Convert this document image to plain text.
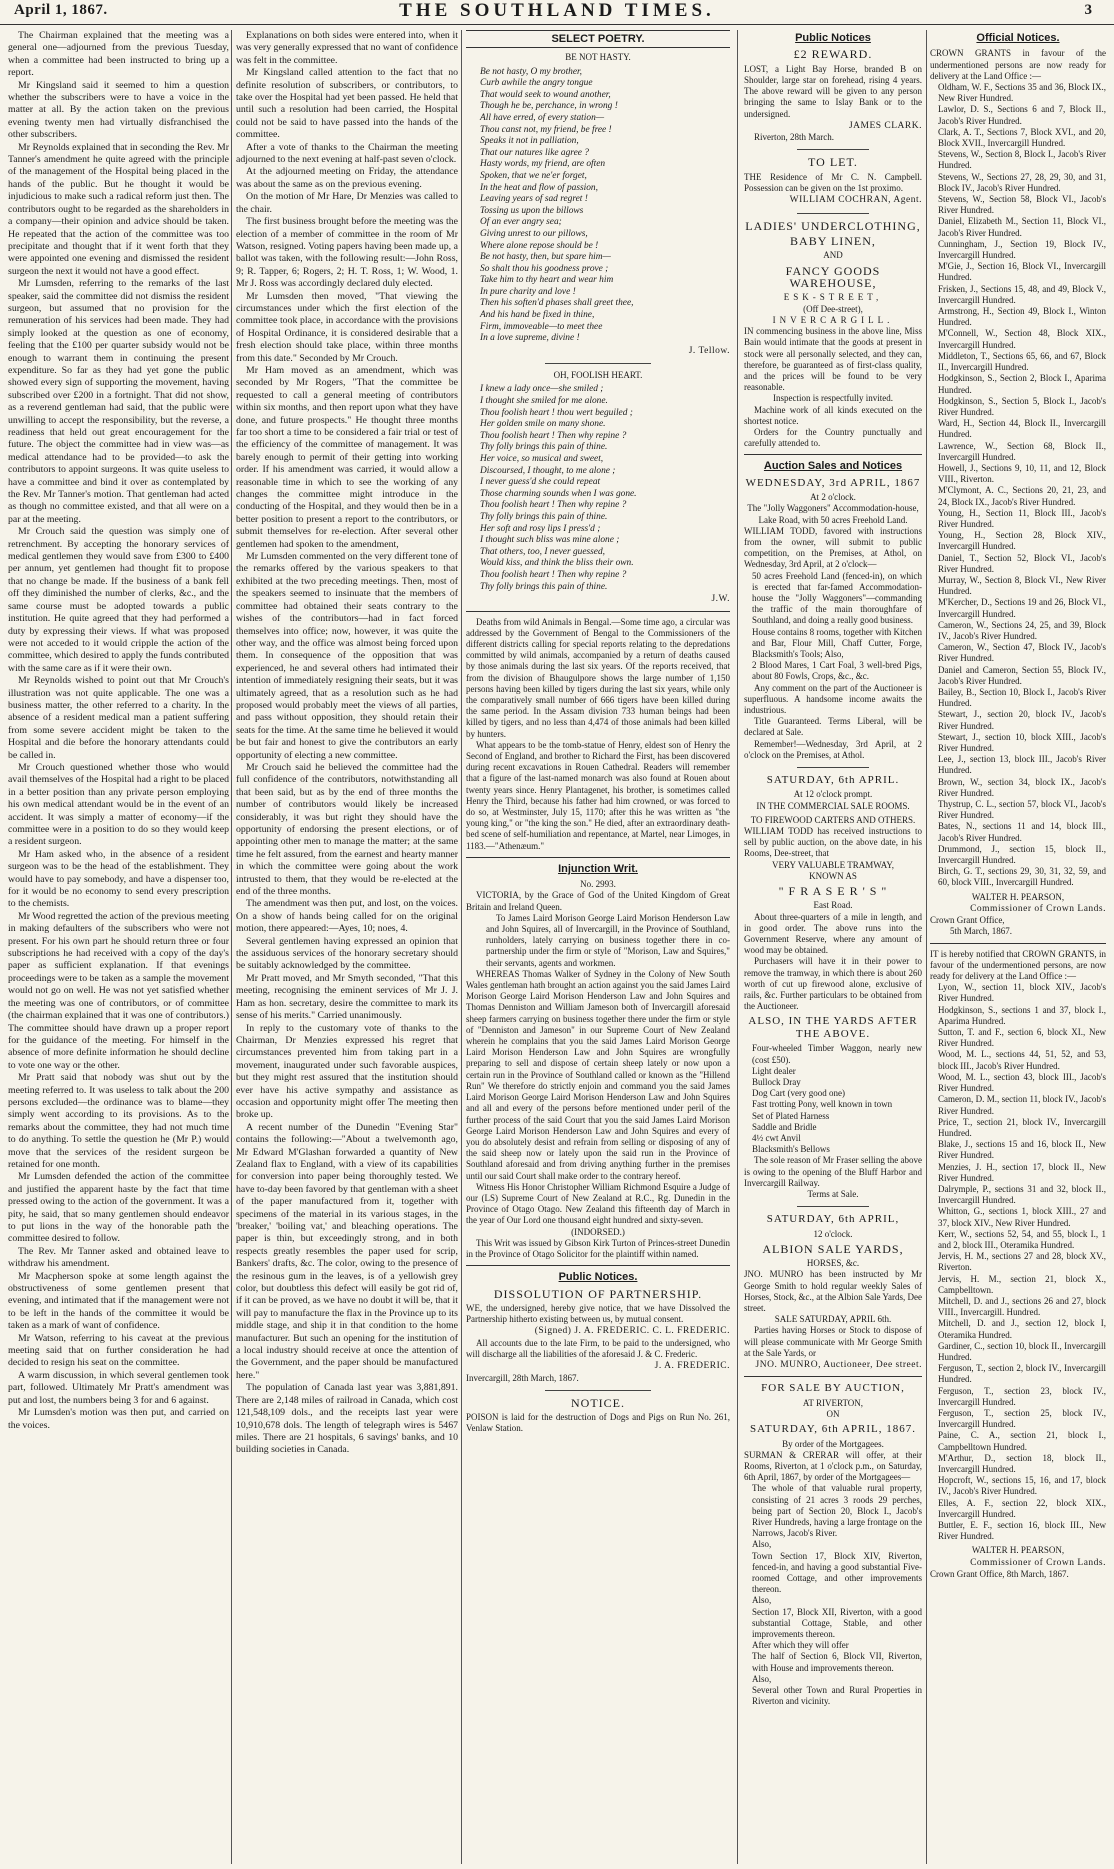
April 1, 1867.	THE SOUTHLAND TIMES.	3

The Chairman explained that the meeting was a general one—adjourned from the previous Tuesday, when a committee had been instructed to bring up a report.

Mr Kingsland said it seemed to him a question whether the subscribers were to have a voice in the matter at all. By the action taken on the previous evening twenty men had virtually disfranchised the other subscribers.

Mr Reynolds explained that in seconding the Rev. Mr Tanner's amendment he quite agreed with the principle of the management of the Hospital being placed in the hands of the public. But he thought it would be injudicious to make such a radical reform just then. The contributors ought to be regarded as the shareholders in a company—their opinion and advice should be taken. He repeated that the action of the committee was too precipitate and thought that if it went forth that they were appointed one evening and dismissed the resident surgeon the next it would not have a good effect.

Mr Lumsden, referring to the remarks of the last speaker, said the committee did not dismiss the resident surgeon, but assumed that no provision for the remuneration of his services had been made. They had simply looked at the question as one of economy, feeling that the £100 per quarter subsidy would not be enough to warrant them in continuing the present expenditure. So far as they had yet gone the public showed every sign of supporting the movement, having subscribed over £200 in a fortnight. That did not show, as a reverend gentleman had said, that the public were unwilling to accept the responsibility, but the reverse, a readiness that held out great encouragement for the future. The object the committee had in view was—as medical attendance had to be provided—to ask the contributors to appoint surgeons. It was quite useless to have a committee and bind it over as contemplated by the Rev. Mr Tanner's motion. That gentleman had acted as though no committee existed, and that all were on a par at the meeting.

Mr Crouch said the question was simply one of retrenchment. By accepting the honorary services of medical gentlemen they would save from £300 to £400 per annum, yet gentlemen had thought fit to propose that no change be made. If the business of a bank fell off they diminished the number of clerks, &c., and the same course must be adopted towards a public institution. He quite agreed that they had performed a duty by expressing their views. If what was proposed were not acceded to it would cripple the action of the committee, which desired to apply the funds contributed with the same care as if it were their own.

Mr Reynolds wished to point out that Mr Crouch's illustration was not quite applicable. The one was a business matter, the other referred to a charity. In the absence of a resident medical man a patient suffering from some severe accident might be taken to the Hospital and die before the honorary attendants could be called in.

Mr Crouch questioned whether those who would avail themselves of the Hospital had a right to be placed in a better position than any private person employing his own medical attendant would be in the event of an accident. It was simply a matter of economy—if the committee were in a position to do so they would keep a resident surgeon.

Mr Ham asked who, in the absence of a resident surgeon was to be the head of the establishment. They would have to pay somebody, and have a dispenser too, for it would be no economy to send every prescription to the chemists.

Mr Wood regretted the action of the previous meeting in making defaulters of the subscribers who were not present. For his own part he should return three or four subscriptions he had received with a copy of the day's paper as sufficient explanation. If that evenings proceedings were to be taken as a sample the movement would not go on well. He was not yet satisfied whether the meeting was one of contributors, or of committee (the chairman explained that it was one of contributors.) The committee should have drawn up a proper report for the guidance of the meeting. For himself in the absence of more definite information he should decline to vote one way or the other.

Mr Pratt said that nobody was shut out by the meeting referred to. It was useless to talk about the 200 persons excluded—the ordinance was to blame—they simply went according to its provisions. As to the remarks about the committee, they had not much time to do anything. To settle the question he (Mr P.) would move that the services of the resident surgeon be retained for one month.

Mr Lumsden defended the action of the committee and justified the apparent haste by the fact that time pressed owing to the action of the government. It was a pity, he said, that so many gentlemen should endeavor to put lions in the way of the honorable path the committee desired to follow.

The Rev. Mr Tanner asked and obtained leave to withdraw his amendment.

Mr Macpherson spoke at some length against the obstructiveness of some gentlemen present that evening, and intimated that if the management were not to be left in the hands of the committee it would be taken as a mark of want of confidence.

Mr Watson, referring to his caveat at the previous meeting said that on further consideration he had decided to resign his seat on the committee.

A warm discussion, in which several gentlemen took part, followed. Ultimately Mr Pratt's amendment was put and lost, the numbers being 3 for and 6 against.

Mr Lumsden's motion was then put, and carried on the voices.

Explanations on both sides were entered into, when it was very generally expressed that no want of confidence was felt in the committee.

Mr Kingsland called attention to the fact that no definite resolution of subscribers, or contributors, to take over the Hospital had yet been passed. He held that until such a resolution had been carried, the Hospital could not be said to have passed into the hands of the committee.

After a vote of thanks to the Chairman the meeting adjourned to the next evening at half-past seven o'clock.

At the adjourned meeting on Friday, the attendance was about the same as on the previous evening.

On the motion of Mr Hare, Dr Menzies was called to the chair.

The first business brought before the meeting was the election of a member of committee in the room of Mr Watson, resigned. Voting papers having been made up, a ballot was taken, with the following result:—John Ross, 9; R. Tapper, 6; Rogers, 2; H. T. Ross, 1; W. Wood, 1. Mr J. Ross was accordingly declared duly elected.

Mr Lumsden then moved, "That viewing the circumstances under which the first election of the committee took place, in accordance with the provisions of Hospital Ordinance, it is considered desirable that a fresh election should take place, within three months from this date." Seconded by Mr Crouch.

Mr Ham moved as an amendment, which was seconded by Mr Rogers, "That the committee be requested to call a general meeting of contributors within six months, and then report upon what they have done, and future prospects." He thought three months far too short a time to be considered a fair trial or test of the efficiency of the committee of management. It was barely enough to permit of their getting into working order. If his amendment was carried, it would allow a reasonable time in which to see the working of any changes the committee might introduce in the conducting of the Hospital, and they would then be in a better position to present a report to the contributors, or submit themselves for re-election. After several other gentlemen had spoken to the amendment,

Mr Lumsden commented on the very different tone of the remarks offered by the various speakers to that exhibited at the two preceding meetings. Then, most of the speakers seemed to insinuate that the members of committee had obtained their seats contrary to the wishes of the contributors—had in fact forced themselves into office; now, however, it was quite the other way, and the office was almost being forced upon them. In consequence of the opposition that was experienced, he and several others had intimated their intention of immediately resigning their seats, but it was ultimately agreed, that as a resolution such as he had proposed would probably meet the views of all parties, and pass without opposition, they should retain their seats for the time. At the same time he believed it would be but fair and honest to give the contributors an early opportunity of electing a new committee.

Mr Crouch said he believed the committee had the full confidence of the contributors, notwithstanding all that been said, but as by the end of three months the number of contributors would likely be increased considerably, it was but right they should have the opportunity of endorsing the present elections, or of appointing other men to manage the matter; at the same time he felt assured, from the earnest and hearty manner in which the committee were going about the work intrusted to them, that they would be re-elected at the end of the three months.

The amendment was then put, and lost, on the voices. On a show of hands being called for on the original motion, there appeared:—Ayes, 10; noes, 4.

Several gentlemen having expressed an opinion that the assiduous services of the honorary secretary should be suitably acknowledged by the committee.

Mr Pratt moved, and Mr Smyth seconded, "That this meeting, recognising the eminent services of Mr J. J. Ham as hon. secretary, desire the committee to mark its sense of his merits." Carried unanimously.

In reply to the customary vote of thanks to the Chairman, Dr Menzies expressed his regret that circumstances prevented him from taking part in a movement, inaugurated under such favorable auspices, but they might rest assured that the institution should ever have his active sympathy and assistance as occasion and opportunity might offer The meeting then broke up.

A recent number of the Dunedin "Evening Star" contains the following:—"About a twelvemonth ago, Mr Edward M'Glashan forwarded a quantity of New Zealand flax to England, with a view of its capabilities for conversion into paper being thoroughly tested. We have to-day been favored by that gentleman with a sheet of the paper manufactured from it, together with specimens of the material in its various stages, in the 'breaker,' 'boiling vat,' and bleaching operations. The paper is thin, but exceedingly strong, and in both respects greatly resembles the paper used for scrip, Bankers' drafts, &c. The color, owing to the presence of the resinous gum in the leaves, is of a yellowish grey color, but doubtless this defect will easily be got rid of, if it can be proved, as we have no doubt it will be, that it will pay to manufacture the flax in the Province up to its middle stage, and ship it in that condition to the home manufacturer. But such an opening for the institution of a local industry should receive at once the attention of the Government, and the paper should be manufactured here."

The population of Canada last year was 3,881,891. There are 2,148 miles of railroad in Canada, which cost 121,548,109 dols., and the receipts last year were 10,910,678 dols. The length of telegraph wires is 5467 miles. There are 21 hospitals, 6 savings' banks, and 10 building societies in Canada.

SELECT POETRY.
BE NOT HASTY.

Be not hasty, O my brother,

Curb awhile the angry tongue

That would seek to wound another,

Though he be, perchance, in wrong !

All have erred, of every station—

Thou canst not, my friend, be free !

Speaks it not in palliation,

That our natures like agree ?

Hasty words, my friend, are often

Spoken, that we ne'er forget,

In the heat and flow of passion,

Leaving years of sad regret !

Tossing us upon the billows

Of an ever angry sea;

Giving unrest to our pillows,

Where alone repose should be !

Be not hasty, then, but spare him—

So shalt thou his goodness prove ;

Take him to thy heart and wear him

In pure charity and love !

Then his soften'd phases shall greet thee,

And his hand be fixed in thine,

Firm, immoveable—to meet thee

In a love supreme, divine !

J. Tellow.
OH, FOOLISH HEART.

I knew a lady once—she smiled ;

I thought she smiled for me alone.

Thou foolish heart ! thou wert beguiled ;

Her golden smile on many shone.

Thou foolish heart ! Then why repine ?

Thy folly brings this pain of thine.

Her voice, so musical and sweet,

Discoursed, I thought, to me alone ;

I never guess'd she could repeat

Those charming sounds when I was gone.

Thou foolish heart ! Then why repine ?

Thy folly brings this pain of thine.

Her soft and rosy lips I press'd ;

I thought such bliss was mine alone ;

That others, too, I never guessed,

Would kiss, and think the bliss their own.

Thou foolish heart ! Then why repine ?

Thy folly brings this pain of thine.

J.W.

Deaths from wild Animals in Bengal.—Some time ago, a circular was addressed by the Government of Bengal to the Commissioners of the different districts calling for special reports relating to the depredations committed by wild animals, accompanied by a return of deaths caused by those animals during the last six years. Of the reports received, that from the division of Bhaugulpore shows the large number of 1,150 persons having been killed by tigers during the last six years, while only the comparatively small number of 666 tigers have been killed during the same period. In the Assam division 733 human beings had been killed by tigers, and no less than 4,474 of those animals had been killed by hunters.

What appears to be the tomb-statue of Henry, eldest son of Henry the Second of England, and brother to Richard the First, has been discovered during recent excavations in Rouen Cathedral. Readers will remember that a figure of the last-named monarch was also found at Rouen about twenty years since. Henry Plantagenet, his brother, is sometimes called Henry the Third, because his father had him crowned, or was forced to do so, at Westminster, July 15, 1170; after this he was written as "the young king," or "the king the son." He died, after an extraordinary death-bed scene of self-humiliation and repentance, at Martel, near Limoges, in 1183.—"Athenæum."

Injunction Writ.
No. 2993.

VICTORIA, by the Grace of God of the United Kingdom of Great Britain and Ireland Queen.

To James Laird Morison George Laird Morison Henderson Law and John Squires, all of Invercargill, in the Province of Southland, runholders, lately carrying on business together there in co-partnership under the firm or style of "Morison, Law and Squires," their servants, agents and workmen.

WHEREAS Thomas Walker of Sydney in the Colony of New South Wales gentleman hath brought an action against you the said James Laird Morison George Laird Morison Henderson Law and John Squires and Thomas Denniston and William Jameson both of Invercargill aforesaid sheep farmers carrying on business together there under the firm or style of "Denniston and Jameson" in our Supreme Court of New Zealand wherein he complains that you the said James Laird Morison George Laird Morison Henderson Law and John Squires are wrongfully preparing to sell and dispose of certain sheep lately or now upon a certain run in the Province of Southland called or known as the "Hillend Run" We therefore do strictly enjoin and command you the said James Laird Morison George Laird Morison Henderson Law and John Squires and all and every of the persons before mentioned under peril of the further process of the said Court that you the said James Laird Morison George Laird Morison Henderson Law and John Squires and every of you do absolutely desist and refrain from selling or disposing of any of the said sheep now or lately upon the said run in the Province of Southland aforesaid and from driving anything further in the premises until our said Court shall make order to the contrary hereof.

Witness His Honor Christopher William Richmond Esquire a Judge of our (LS) Supreme Court of New Zealand at R.C., Rg. Dunedin in the Province of Otago Otago. New Zealand this fifteenth day of March in the year of Our Lord one thousand eight hundred and sixty-seven.

(INDORSED.)

This Writ was issued by Gibson Kirk Turton of Princes-street Dunedin in the Province of Otago Solicitor for the plaintiff within named.

Public Notices.
DISSOLUTION OF PARTNERSHIP.

WE, the undersigned, hereby give notice, that we have Dissolved the Partnership hitherto existing between us, by mutual consent.

(Signed) J. A. FREDERIC. C. L. FREDERIC.

All accounts due to the late Firm, to be paid to the undersigned, who will discharge all the liabilities of the aforesaid J. & C. Frederic.

J. A. FREDERIC.

Invercargill, 28th March, 1867.

NOTICE.

POISON is laid for the destruction of Dogs and Pigs on Run No. 261, Venlaw Station.

Public Notices
£2 REWARD.

LOST, a Light Bay Horse, branded B on Shoulder, large star on forehead, rising 4 years. The above reward will be given to any person bringing the same to Islay Bank or to the undersigned.

JAMES CLARK.

Riverton, 28th March.

TO LET.

THE Residence of Mr C. N. Campbell. Possession can be given on the 1st proximo.

WILLIAM COCHRAN, Agent.
LADIES' UNDERCLOTHING,
BABY LINEN,
AND
FANCY GOODS WAREHOUSE,
ESK-STREET,
(Off Dee-street),
INVERCARGILL.

IN commencing business in the above line, Miss Bain would intimate that the goods at present in stock were all personally selected, and they can, therefore, be guaranteed as of first-class quality, and the prices will be found to be very reasonable.

Inspection is respectfully invited.

Machine work of all kinds executed on the shortest notice.

Orders for the Country punctually and carefully attended to.

Auction Sales and Notices
WEDNESDAY, 3rd APRIL, 1867
At 2 o'clock.
The "Jolly Waggoners" Accommodation-house, Lake Road, with 50 acres Freehold Land.

WILLIAM TODD, favored with instructions from the owner, will submit to public competition, on the Premises, at Athol, on Wednesday, 3rd April, at 2 o'clock—

50 acres Freehold Land (fenced-in), on which is erected that far-famed Accommodation-house the "Jolly Waggoners"—commanding the traffic of the main thoroughfare of Southland, and doing a really good business.

House contains 8 rooms, together with Kitchen and Bar, Flour Mill, Chaff Cutter, Forge, Blacksmith's Tools; Also,

2 Blood Mares, 1 Cart Foal, 3 well-bred Pigs, about 80 Fowls, Crops, &c., &c.

Any comment on the part of the Auctioneer is superfluous. A handsome income awaits the industrious.

Title Guaranteed. Terms Liberal, will be declared at Sale.

Remember!—Wednesday, 3rd April, at 2 o'clock on the Premises, at Athol.

SATURDAY, 6th APRIL.
At 12 o'clock prompt.
IN THE COMMERCIAL SALE ROOMS.
TO FIREWOOD CARTERS AND OTHERS.

WILLIAM TODD has received instructions to sell by public auction, on the above date, in his Rooms, Dee-street, that

VERY VALUABLE TRAMWAY,
KNOWN AS
" F R A S E R ' S "
East Road.

About three-quarters of a mile in length, and in good order. The above runs into the Government Reserve, where any amount of wood may be obtained.

Purchasers will have it in their power to remove the tramway, in which there is about 260 worth of cut up firewood alone, exclusive of rails, &c. Further particulars to be obtained from the Auctioneer.

ALSO, IN THE YARDS AFTER THE ABOVE.

Four-wheeled Timber Waggon, nearly new (cost £50).

Light dealer

Bullock Dray

Dog Cart (very good one)

Fast trotting Pony, well known in town

Set of Plated Harness

Saddle and Bridle

4½ cwt Anvil

Blacksmith's Bellows

The sole reason of Mr Fraser selling the above is owing to the opening of the Bluff Harbor and Invercargill Railway.

Terms at Sale.
SATURDAY, 6th APRIL,
12 o'clock.
ALBION SALE YARDS,
HORSES, &c.

JNO. MUNRO has been instructed by Mr George Smith to hold regular weekly Sales of Horses, Stock, &c., at the Albion Sale Yards, Dee street.

SALE SATURDAY, APRIL 6th.

Parties having Horses or Stock to dispose of will please communicate with Mr George Smith at the Sale Yards, or

JNO. MUNRO, Auctioneer, Dee street.
FOR SALE BY AUCTION,
AT RIVERTON,
ON
SATURDAY, 6th APRIL, 1867.
By order of the Mortgagees.

SURMAN & CRERAR will offer, at their Rooms, Riverton, at 1 o'clock p.m., on Saturday, 6th April, 1867, by order of the Mortgagees—

The whole of that valuable rural property, consisting of 21 acres 3 roods 29 perches, being part of Section 20, Block I., Jacob's River Hundreds, having a large frontage on the Narrows, Jacob's River.

Also,

Town Section 17, Block XIV, Riverton, fenced-in, and having a good substantial Five-roomed Cottage, and other improvements thereon.

Also,

Section 17, Block XII, Riverton, with a good substantial Cottage, Stable, and other improvements thereon.

After which they will offer

The half of Section 6, Block VII, Riverton, with House and improvements thereon.

Also,

Several other Town and Rural Properties in Riverton and vicinity.

Official Notices.

CROWN GRANTS in favour of the undermentioned persons are now ready for delivery at the Land Office :—

Oldham, W. F., Sections 35 and 36, Block IX., New River Hundred.

Lawlor, D. S., Sections 6 and 7, Block II., Jacob's River Hundred.

Clark, A. T., Sections 7, Block XVI., and 20, Block XVII., Invercargill Hundred.

Stevens, W., Section 8, Block I., Jacob's River Hundred.

Stevens, W., Sections 27, 28, 29, 30, and 31, Block IV., Jacob's River Hundred.

Stevens, W., Section 58, Block VI., Jacob's River Hundred.

Daniel, Elizabeth M., Section 11, Block VI., Jacob's River Hundred.

Cunningham, J., Section 19, Block IV., Invercargill Hundred.

M'Gie, J., Section 16, Block VI., Invercargill Hundred.

Frisken, J., Sections 15, 48, and 49, Block V., Invercargill Hundred.

Armstrong, H., Section 49, Block I., Winton Hundred.

M'Connell, W., Section 48, Block XIX., Invercargill Hundred.

Middleton, T., Sections 65, 66, and 67, Block II., Invercargill Hundred.

Hodgkinson, S., Section 2, Block I., Aparima Hundred.

Hodgkinson, S., Section 5, Block I., Jacob's River Hundred.

Ward, H., Section 44, Block II., Invercargill Hundred.

Lawrence, W., Section 68, Block II., Invercargill Hundred.

Howell, J., Sections 9, 10, 11, and 12, Block VIII., Riverton.

M'Clymont, A. C., Sections 20, 21, 23, and 24, Block IX., Jacob's River Hundred.

Young, H., Section 11, Block III., Jacob's River Hundred.

Young, H., Section 28, Block XIV., Invercargill Hundred.

Daniel, T., Section 52, Block VI., Jacob's River Hundred.

Murray, W., Section 8, Block VI., New River Hundred.

M'Kercher, D., Sections 19 and 26, Block VI., Invercargill Hundred.

Cameron, W., Sections 24, 25, and 39, Block IV., Jacob's River Hundred.

Cameron, W., Section 47, Block IV., Jacob's River Hundred.

Daniel and Cameron, Section 55, Block IV., Jacob's River Hundred.

Bailey, B., Section 10, Block I., Jacob's River Hundred.

Stewart, J., section 20, block IV., Jacob's River Hundred.

Stewart, J., section 10, block XIII., Jacob's River Hundred.

Lee, J., section 13, block III., Jacob's River Hundred.

Brown, W., section 34, block IX., Jacob's River Hundred.

Thystrup, C. L., section 57, block VI., Jacob's River Hundred.

Bates, N., sections 11 and 14, block III., Jacob's River Hundred.

Drummond, J., section 15, block II., Invercargill Hundred.

Birch, G. T., sections 29, 30, 31, 32, 59, and 60, block VIII., Invercargill Hundred.

WALTER H. PEARSON,
Commissioner of Crown Lands.
Crown Grant Office,
5th March, 1867.

IT is hereby notified that CROWN GRANTS, in favour of the undermentioned persons, are now ready for delivery at the Land Office :—

Lyon, W., section 11, block XIV., Jacob's River Hundred.

Hodgkinson, S., sections 1 and 37, block I., Aparima Hundred.

Sutton, T. and F., section 6, block XI., New River Hundred.

Wood, M. L., sections 44, 51, 52, and 53, block III., Jacob's River Hundred.

Wood, M. L., section 43, block III., Jacob's River Hundred.

Cameron, D. M., section 11, block IV., Jacob's River Hundred.

Price, T., section 21, block IV., Invercargill Hundred.

Blake, J., sections 15 and 16, block II., New River Hundred.

Menzies, J. H., section 17, block II., New River Hundred.

Dalrymple, P., sections 31 and 32, block II., Invercargill Hundred.

Whitton, G., sections 1, block XIII., 27 and 37, block XIV., New River Hundred.

Kerr, W., sections 52, 54, and 55, block I., 1 and 2, block III., Oteramika Hundred.

Jervis, H. M., sections 27 and 28, block XV., Riverton.

Jervis, H. M., section 21, block X., Campbelltown.

Mitchell, D. and J., sections 26 and 27, block VIII., Invercargill. Hundred.

Mitchell, D. and J., section 12, block I, Oteramika Hundred.

Gardiner, C., section 10, block II., Invercargill Hundred.

Ferguson, T., section 2, block IV., Invercargill Hundred.

Ferguson, T., section 23, block IV., Invercargill Hundred.

Ferguson, T., section 25, block IV., Invercargill Hundred.

Paine, C. A., section 21, block I., Campbelltown Hundred.

M'Arthur, D., section 18, block II., Invercargill Hundred.

Hopcroft, W., sections 15, 16, and 17, block IV., Jacob's River Hundred.

Elles, A. F., section 22, block XIX., Invercargill Hundred.

Buttler, E. F., section 16, block III., New River Hundred.

WALTER H. PEARSON,
Commissioner of Crown Lands.
Crown Grant Office, 8th March, 1867.
